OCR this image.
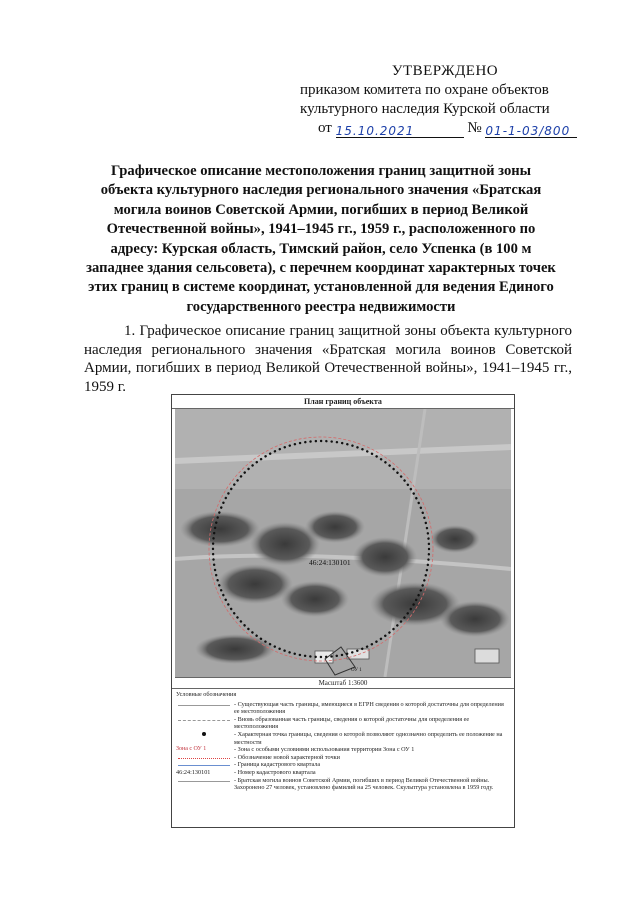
УТВЕРЖДЕНО
приказом комитета по охране объектов
культурного наследия Курской области
от 15.10.2021	№ 01-1-03/800
Графическое описание местоположения границ защитной зоны объекта культурного наследия регионального значения «Братская могила воинов Советской Армии, погибших в период Великой Отечественной войны», 1941–1945 гг., 1959 г., расположенного по адресу: Курская область, Тимский район, село Успенка (в 100 м западнее здания сельсовета), с перечнем координат характерных точек этих границ в системе координат, установленной для ведения Единого государственного реестра недвижимости
1. Графическое описание границ защитной зоны объекта культурного наследия регионального значения «Братская могила воинов Советской Армии, погибших в период Великой Отечественной войны», 1941–1945 гг., 1959 г.
План границ объекта
46:24:130101
ОУ 1
Масштаб 1:3600
Условные обозначения
- Существующая часть границы, имеющиеся в ЕГРН сведения о которой достаточны для определения ее местоположения
- Вновь образованная часть границы, сведения о которой достаточны для определения ее местоположения
- Характерная точка границы, сведения о которой позволяют однозначно определить ее положение на местности
Зона с ОУ 1	- Зона с особыми условиями использования территории Зона с ОУ 1
- Обозначение новой характерной точки
- Граница кадастрового квартала
46:24:130101	- Номер кадастрового квартала
- Братская могила воинов Советской Армии, погибших в период Великой Отечественной войны. Захоронено 27 человек, установлено фамилий на 25 человек. Скульптура установлена в 1959 году.
